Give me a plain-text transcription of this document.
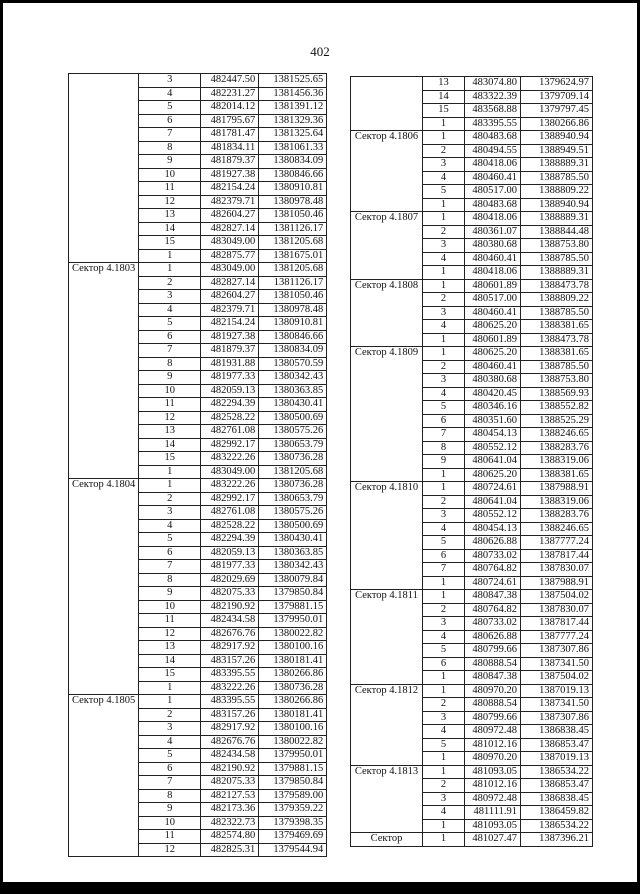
402
	3	482447.50	1381525.65
	4	482231.27	1381456.36
	5	482014.12	1381391.12
	6	481795.67	1381329.36
	7	481781.47	1381325.64
	8	481834.11	1381061.33
	9	481879.37	1380834.09
	10	481927.38	1380846.66
	11	482154.24	1380910.81
	12	482379.71	1380978.48
	13	482604.27	1381050.46
	14	482827.14	1381126.17
	15	483049.00	1381205.68
	1	482875.77	1381675.01
Сектор 4.1803	1	483049.00	1381205.68
	2	482827.14	1381126.17
	3	482604.27	1381050.46
	4	482379.71	1380978.48
	5	482154.24	1380910.81
	6	481927.38	1380846.66
	7	481879.37	1380834.09
	8	481931.88	1380570.59
	9	481977.33	1380342.43
	10	482059.13	1380363.85
	11	482294.39	1380430.41
	12	482528.22	1380500.69
	13	482761.08	1380575.26
	14	482992.17	1380653.79
	15	483222.26	1380736.28
	1	483049.00	1381205.68
Сектор 4.1804	1	483222.26	1380736.28
	2	482992.17	1380653.79
	3	482761.08	1380575.26
	4	482528.22	1380500.69
	5	482294.39	1380430.41
	6	482059.13	1380363.85
	7	481977.33	1380342.43
	8	482029.69	1380079.84
	9	482075.33	1379850.84
	10	482190.92	1379881.15
	11	482434.58	1379950.01
	12	482676.76	1380022.82
	13	482917.92	1380100.16
	14	483157.26	1380181.41
	15	483395.55	1380266.86
	1	483222.26	1380736.28
Сектор 4.1805	1	483395.55	1380266.86
	2	483157.26	1380181.41
	3	482917.92	1380100.16
	4	482676.76	1380022.82
	5	482434.58	1379950.01
	6	482190.92	1379881.15
	7	482075.33	1379850.84
	8	482127.53	1379589.00
	9	482173.36	1379359.22
	10	482322.73	1379398.35
	11	482574.80	1379469.69
	12	482825.31	1379544.94
	13	483074.80	1379624.97
	14	483322.39	1379709.14
	15	483568.88	1379797.45
	1	483395.55	1380266.86
Сектор 4.1806	1	480483.68	1388940.94
	2	480494.55	1388949.51
	3	480418.06	1388889.31
	4	480460.41	1388785.50
	5	480517.00	1388809.22
	1	480483.68	1388940.94
Сектор 4.1807	1	480418.06	1388889.31
	2	480361.07	1388844.48
	3	480380.68	1388753.80
	4	480460.41	1388785.50
	1	480418.06	1388889.31
Сектор 4.1808	1	480601.89	1388473.78
	2	480517.00	1388809.22
	3	480460.41	1388785.50
	4	480625.20	1388381.65
	1	480601.89	1388473.78
Сектор 4.1809	1	480625.20	1388381.65
	2	480460.41	1388785.50
	3	480380.68	1388753.80
	4	480420.45	1388569.93
	5	480346.16	1388552.82
	6	480351.60	1388525.29
	7	480454.13	1388246.65
	8	480552.12	1388283.76
	9	480641.04	1388319.06
	1	480625.20	1388381.65
Сектор 4.1810	1	480724.61	1387988.91
	2	480641.04	1388319.06
	3	480552.12	1388283.76
	4	480454.13	1388246.65
	5	480626.88	1387777.24
	6	480733.02	1387817.44
	7	480764.82	1387830.07
	1	480724.61	1387988.91
Сектор 4.1811	1	480847.38	1387504.02
	2	480764.82	1387830.07
	3	480733.02	1387817.44
	4	480626.88	1387777.24
	5	480799.66	1387307.86
	6	480888.54	1387341.50
	1	480847.38	1387504.02
Сектор 4.1812	1	480970.20	1387019.13
	2	480888.54	1387341.50
	3	480799.66	1387307.86
	4	480972.48	1386838.45
	5	481012.16	1386853.47
	1	480970.20	1387019.13
Сектор 4.1813	1	481093.05	1386534.22
	2	481012.16	1386853.47
	3	480972.48	1386838.45
	4	481111.91	1386459.82
	1	481093.05	1386534.22
Сектор	1	481027.47	1387396.21
